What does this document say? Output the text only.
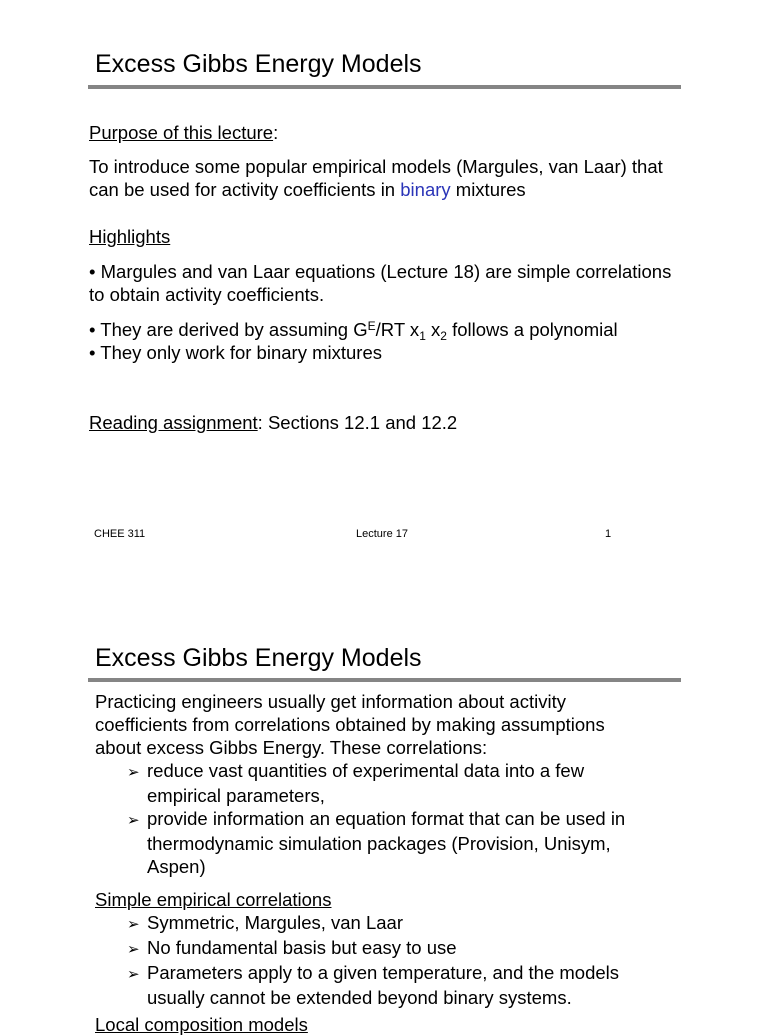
Excess Gibbs Energy Models
Purpose of this lecture:
To introduce some popular empirical models (Margules, van Laar) that
can be used for activity coefficients in binary mixtures
Highlights
• Margules and van Laar equations (Lecture 18) are simple correlations
to obtain activity coefficients.
• They are derived by assuming $G^E/RT$ $x_1$ $x_2$ follows a polynomial
• They only work for binary mixtures
Reading assignment: Sections 12.1 and 12.2
CHEE 311	Lecture 17	1
Excess Gibbs Energy Models
Practicing engineers usually get information about activity
coefficients from correlations obtained by making assumptions
about excess Gibbs Energy. These correlations:
➢ reduce vast quantities of experimental data into a few
empirical parameters,
➢ provide information an equation format that can be used in
thermodynamic simulation packages (Provision, Unisym,
Aspen)
Simple empirical correlations
➢ Symmetric, Margules, van Laar
➢ No fundamental basis but easy to use
➢ Parameters apply to a given temperature, and the models
usually cannot be extended beyond binary systems.
Local composition models
